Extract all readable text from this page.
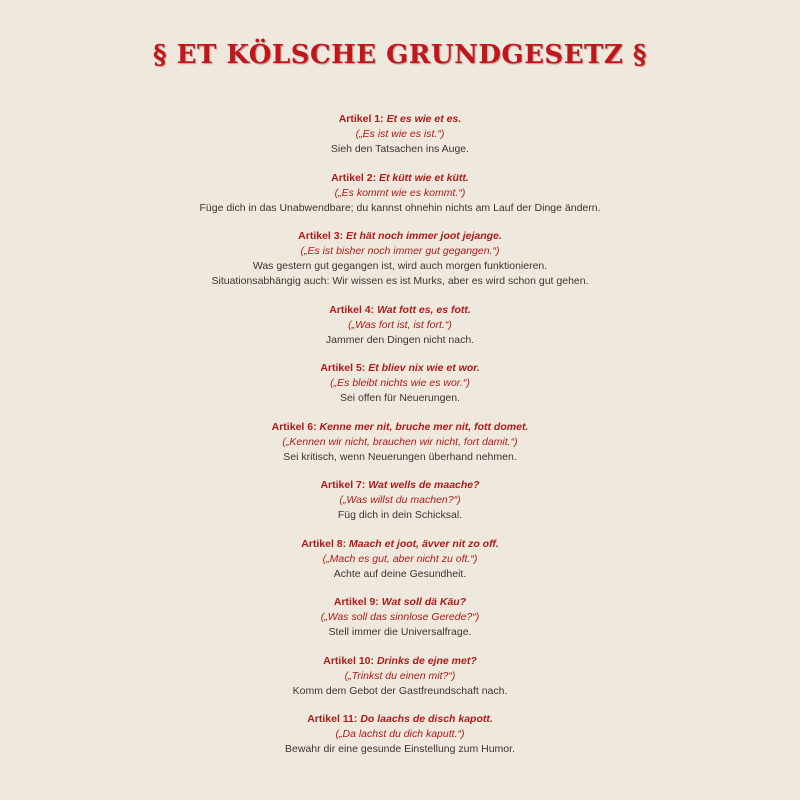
§ ET KÖLSCHE GRUNDGESETZ §
Artikel 1: Et es wie et es.
(„Es ist wie es ist.“)
Sieh den Tatsachen ins Auge.
Artikel 2: Et kütt wie et kütt.
(„Es kommt wie es kommt.“)
Füge dich in das Unabwendbare; du kannst ohnehin nichts am Lauf der Dinge ändern.
Artikel 3: Et hät noch immer joot jejange.
(„Es ist bisher noch immer gut gegangen.“)
Was gestern gut gegangen ist, wird auch morgen funktionieren.
Situationsabhängig auch: Wir wissen es ist Murks, aber es wird schon gut gehen.
Artikel 4: Wat fott es, es fott.
(„Was fort ist, ist fort.“)
Jammer den Dingen nicht nach.
Artikel 5: Et bliev nix wie et wor.
(„Es bleibt nichts wie es wor.“)
Sei offen für Neuerungen.
Artikel 6: Kenne mer nit, bruche mer nit, fott domet.
(„Kennen wir nicht, brauchen wir nicht, fort damit.“)
Sei kritisch, wenn Neuerungen überhand nehmen.
Artikel 7: Wat wells de maache?
(„Was willst du machen?“)
Füg dich in dein Schicksal.
Artikel 8: Maach et joot, ävver nit zo off.
(„Mach es gut, aber nicht zu oft.“)
Achte auf deine Gesundheit.
Artikel 9: Wat soll dä Käu?
(„Was soll das sinnlose Gerede?“)
Stell immer die Universalfrage.
Artikel 10: Drinks de ejne met?
(„Trinkst du einen mit?“)
Komm dem Gebot der Gastfreundschaft nach.
Artikel 11: Do laachs de disch kapott.
(„Da lachst du dich kaputt.“)
Bewahr dir eine gesunde Einstellung zum Humor.
